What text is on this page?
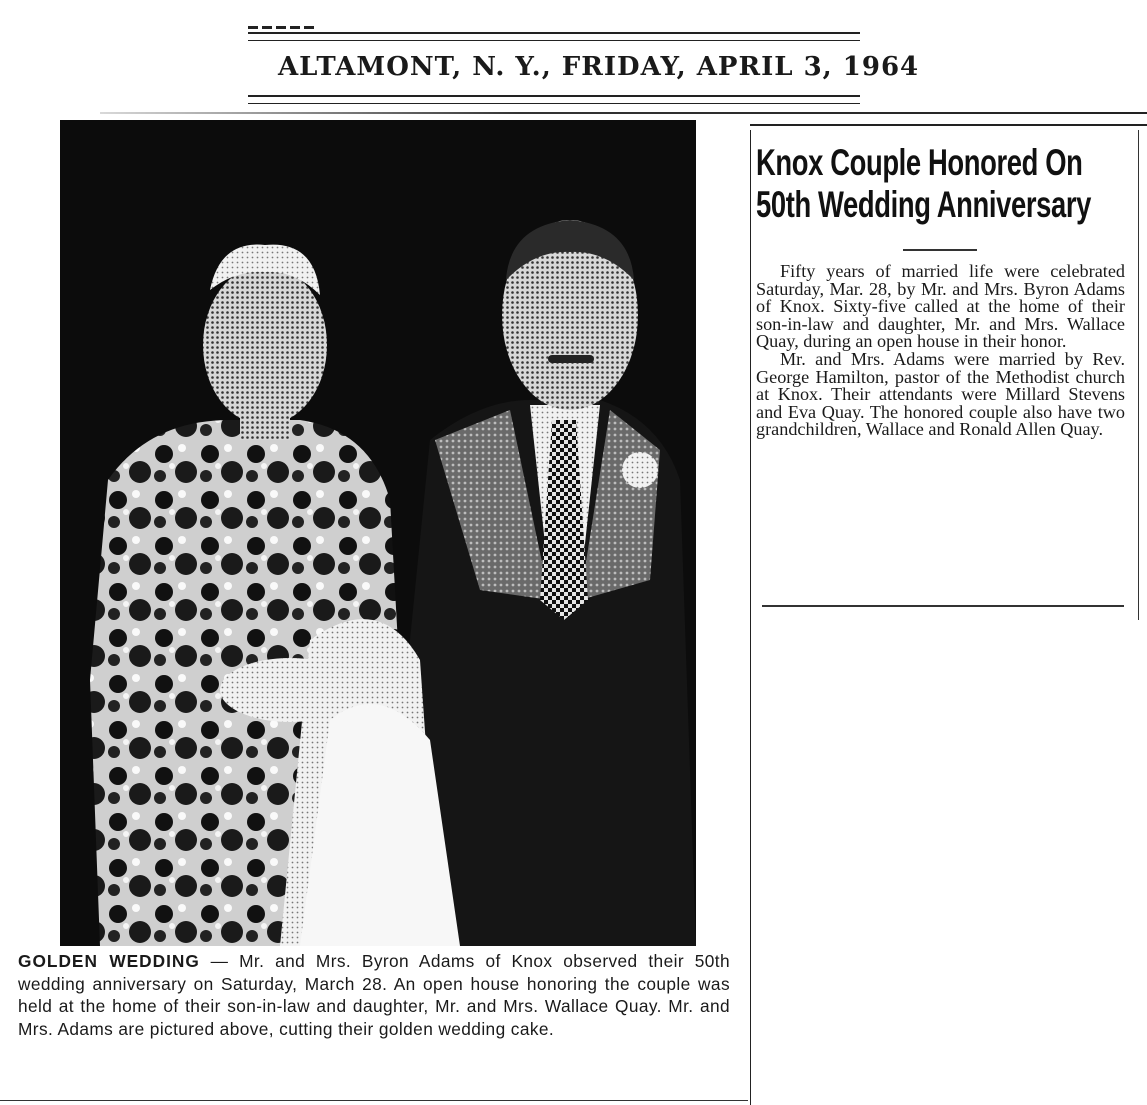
ALTAMONT, N. Y., FRIDAY, APRIL 3, 1964
GOLDEN WEDDING — Mr. and Mrs. Byron Adams of Knox observed their 50th wedding anniversary on Saturday, March 28. An open house honoring the couple was held at the home of their son-in-law and daughter, Mr. and Mrs. Wallace Quay. Mr. and Mrs. Adams are pictured above, cutting their golden wedding cake.
Knox Couple Honored On
50th Wedding Anniversary

Fifty years of married life were celebrated Saturday, Mar. 28, by Mr. and Mrs. Byron Adams of Knox. Sixty-five called at the home of their son-in-law and daughter, Mr. and Mrs. Wallace Quay, during an open house in their honor.

Mr. and Mrs. Adams were married by Rev. George Hamilton, pastor of the Methodist church at Knox. Their attendants were Millard Stevens and Eva Quay. The honored couple also have two grandchildren, Wallace and Ronald Allen Quay.
